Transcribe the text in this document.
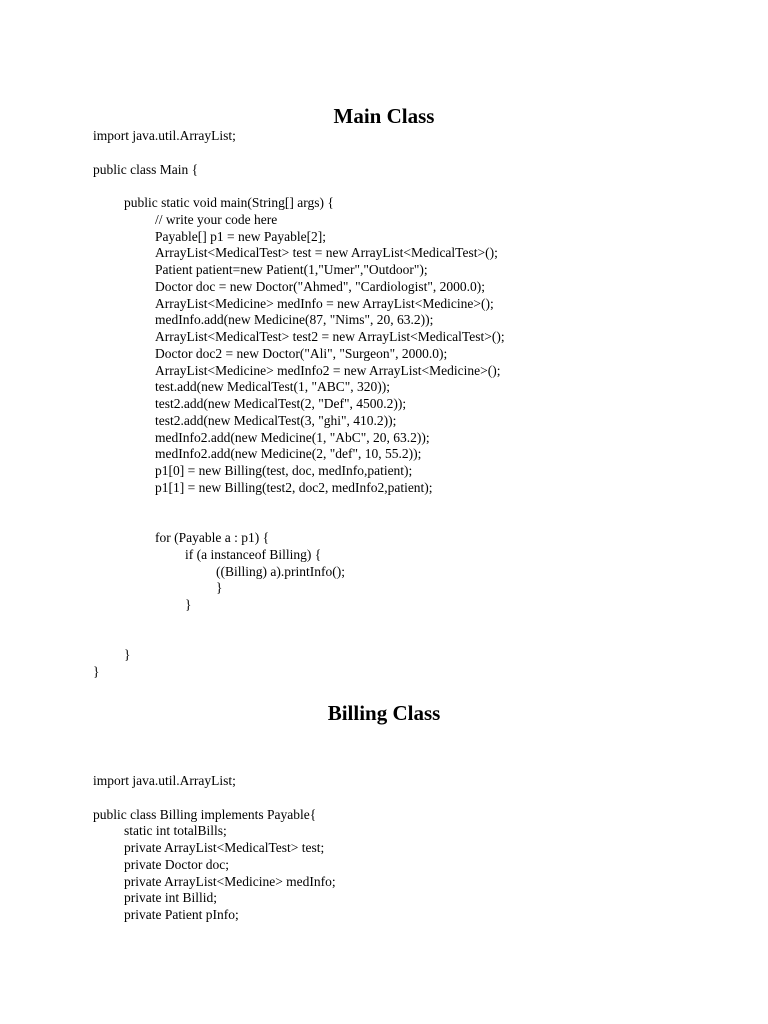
Main Class
import java.util.ArrayList;
public class Main {
public static void main(String[] args) {
// write your code here
Payable[] p1 = new Payable[2];
ArrayList<MedicalTest> test = new ArrayList<MedicalTest>();
Patient patient=new Patient(1,"Umer","Outdoor");
Doctor doc = new Doctor("Ahmed", "Cardiologist", 2000.0);
ArrayList<Medicine> medInfo = new ArrayList<Medicine>();
medInfo.add(new Medicine(87, "Nims", 20, 63.2));
ArrayList<MedicalTest> test2 = new ArrayList<MedicalTest>();
Doctor doc2 = new Doctor("Ali", "Surgeon", 2000.0);
ArrayList<Medicine> medInfo2 = new ArrayList<Medicine>();
test.add(new MedicalTest(1, "ABC", 320));
test2.add(new MedicalTest(2, "Def", 4500.2));
test2.add(new MedicalTest(3, "ghi", 410.2));
medInfo2.add(new Medicine(1, "AbC", 20, 63.2));
medInfo2.add(new Medicine(2, "def", 10, 55.2));
p1[0] = new Billing(test, doc, medInfo,patient);
p1[1] = new Billing(test2, doc2, medInfo2,patient);
for (Payable a : p1) {
if (a instanceof Billing) {
((Billing) a).printInfo();
}
}
}
}
Billing Class
import java.util.ArrayList;
public class Billing implements Payable{
static int totalBills;
private ArrayList<MedicalTest> test;
private Doctor doc;
private ArrayList<Medicine> medInfo;
private int Billid;
private Patient pInfo;
